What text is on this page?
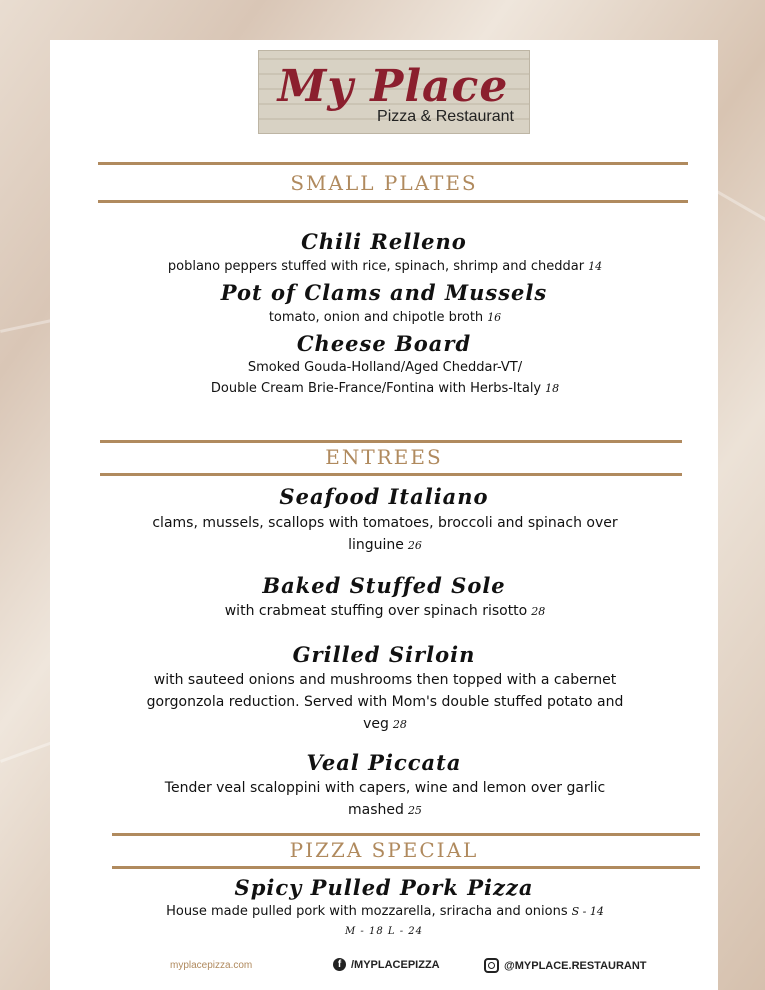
My Place
Pizza & Restaurant
SMALL PLATES
Chili Relleno
poblano peppers stuffed with rice, spinach, shrimp and cheddar 14
Pot of Clams and Mussels
tomato, onion and chipotle broth 16
Cheese Board
Smoked Gouda-Holland/Aged Cheddar-VT/
Double Cream Brie-France/Fontina with Herbs-Italy 18
ENTREES
Seafood Italiano
clams, mussels, scallops with tomatoes, broccoli and spinach over
linguine 26
Baked Stuffed Sole
with crabmeat stuffing over spinach risotto 28
Grilled Sirloin
with sauteed onions and mushrooms then topped with a cabernet
gorgonzola reduction. Served with Mom's double stuffed potato and
veg 28
Veal Piccata
Tender veal scaloppini with capers, wine and lemon over garlic
mashed 25
PIZZA SPECIAL
Spicy Pulled Pork Pizza
House made pulled pork with mozzarella, sriracha and onions S - 14
M - 18 L - 24
myplacepizza.com	f /MYPLACEPIZZA	@MYPLACE.RESTAURANT
